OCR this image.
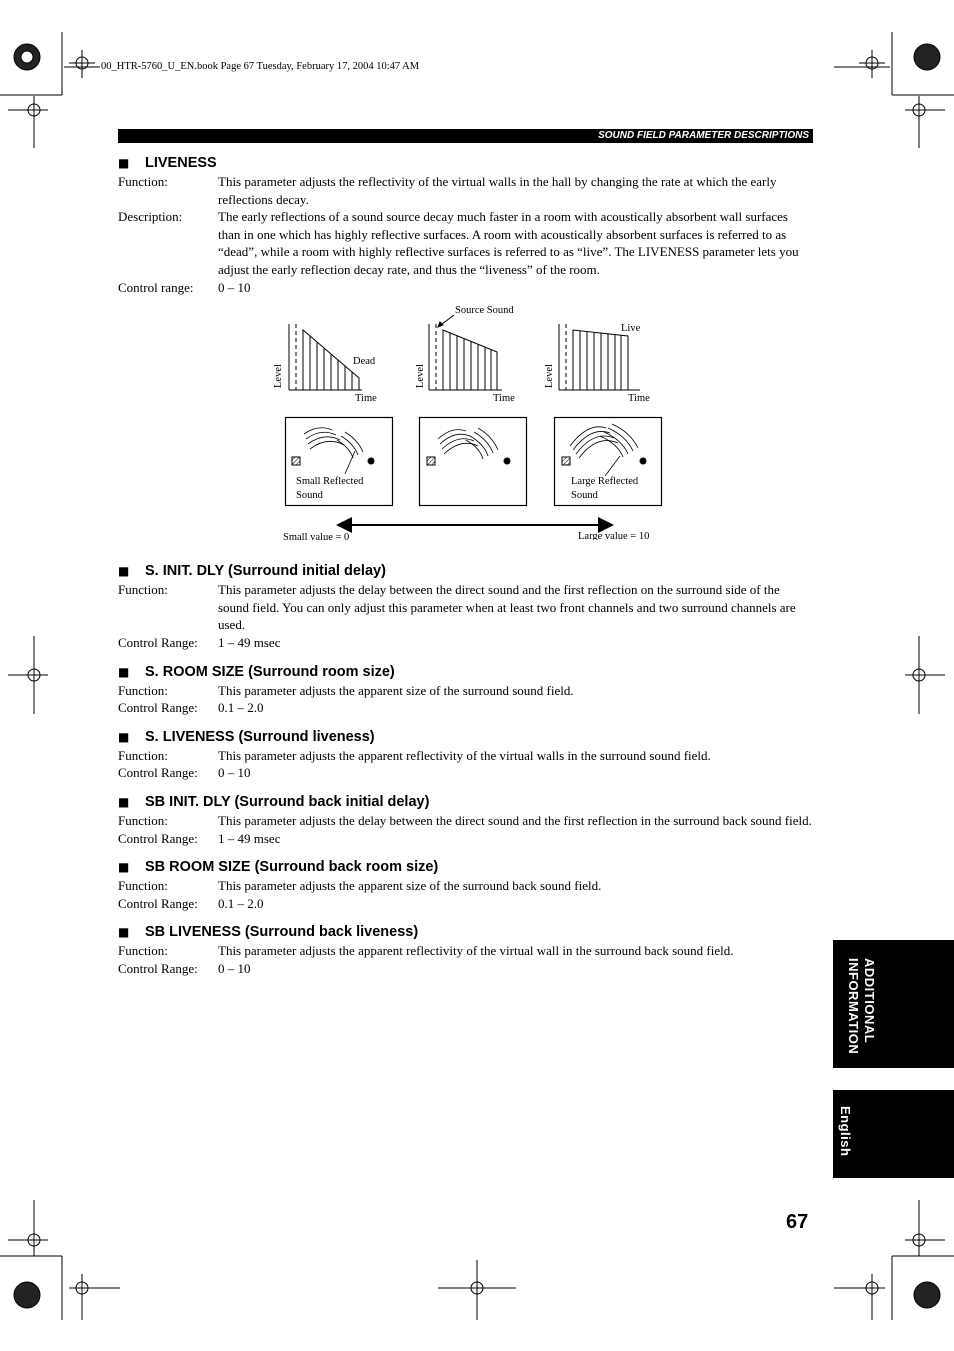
00_HTR-5760_U_EN.book Page 67 Tuesday, February 17, 2004 10:47 AM
SOUND FIELD PARAMETER DESCRIPTIONS
■ LIVENESS
Function:	This parameter adjusts the reflectivity of the virtual walls in the hall by changing the rate at which the early reflections decay.
Description:	The early reflections of a sound source decay much faster in a room with acoustically absorbent wall surfaces than in one which has highly reflective surfaces. A room with acoustically absorbent surfaces is referred to as “dead”, while a room with highly reflective surfaces is referred to as “live”. The LIVENESS parameter lets you adjust the early reflection decay rate, and thus the “liveness” of the room.
Control range:	0 – 10
Level
Dead
Time
Level
Source Sound
Time
Level
Live
Time
Small Reflected
Sound
Large Reflected
Sound
Small value = 0	Large value = 10
■ S. INIT. DLY (Surround initial delay)
Function:	This parameter adjusts the delay between the direct sound and the first reflection on the surround side of the sound field. You can only adjust this parameter when at least two front channels and two surround channels are used.
Control Range:	1 – 49 msec
■ S. ROOM SIZE (Surround room size)
Function:	This parameter adjusts the apparent size of the surround sound field.
Control Range:	0.1 – 2.0
■ S. LIVENESS (Surround liveness)
Function:	This parameter adjusts the apparent reflectivity of the virtual walls in the surround sound field.
Control Range:	0 – 10
■ SB INIT. DLY (Surround back initial delay)
Function:	This parameter adjusts the delay between the direct sound and the first reflection in the surround back sound field.
Control Range:	1 – 49 msec
■ SB ROOM SIZE (Surround back room size)
Function:	This parameter adjusts the apparent size of the surround back sound field.
Control Range:	0.1 – 2.0
■ SB LIVENESS (Surround back liveness)
Function:	This parameter adjusts the apparent reflectivity of the virtual wall in the surround back sound field.
Control Range:	0 – 10	ADDITIONAL
INFORMATION
English
67
